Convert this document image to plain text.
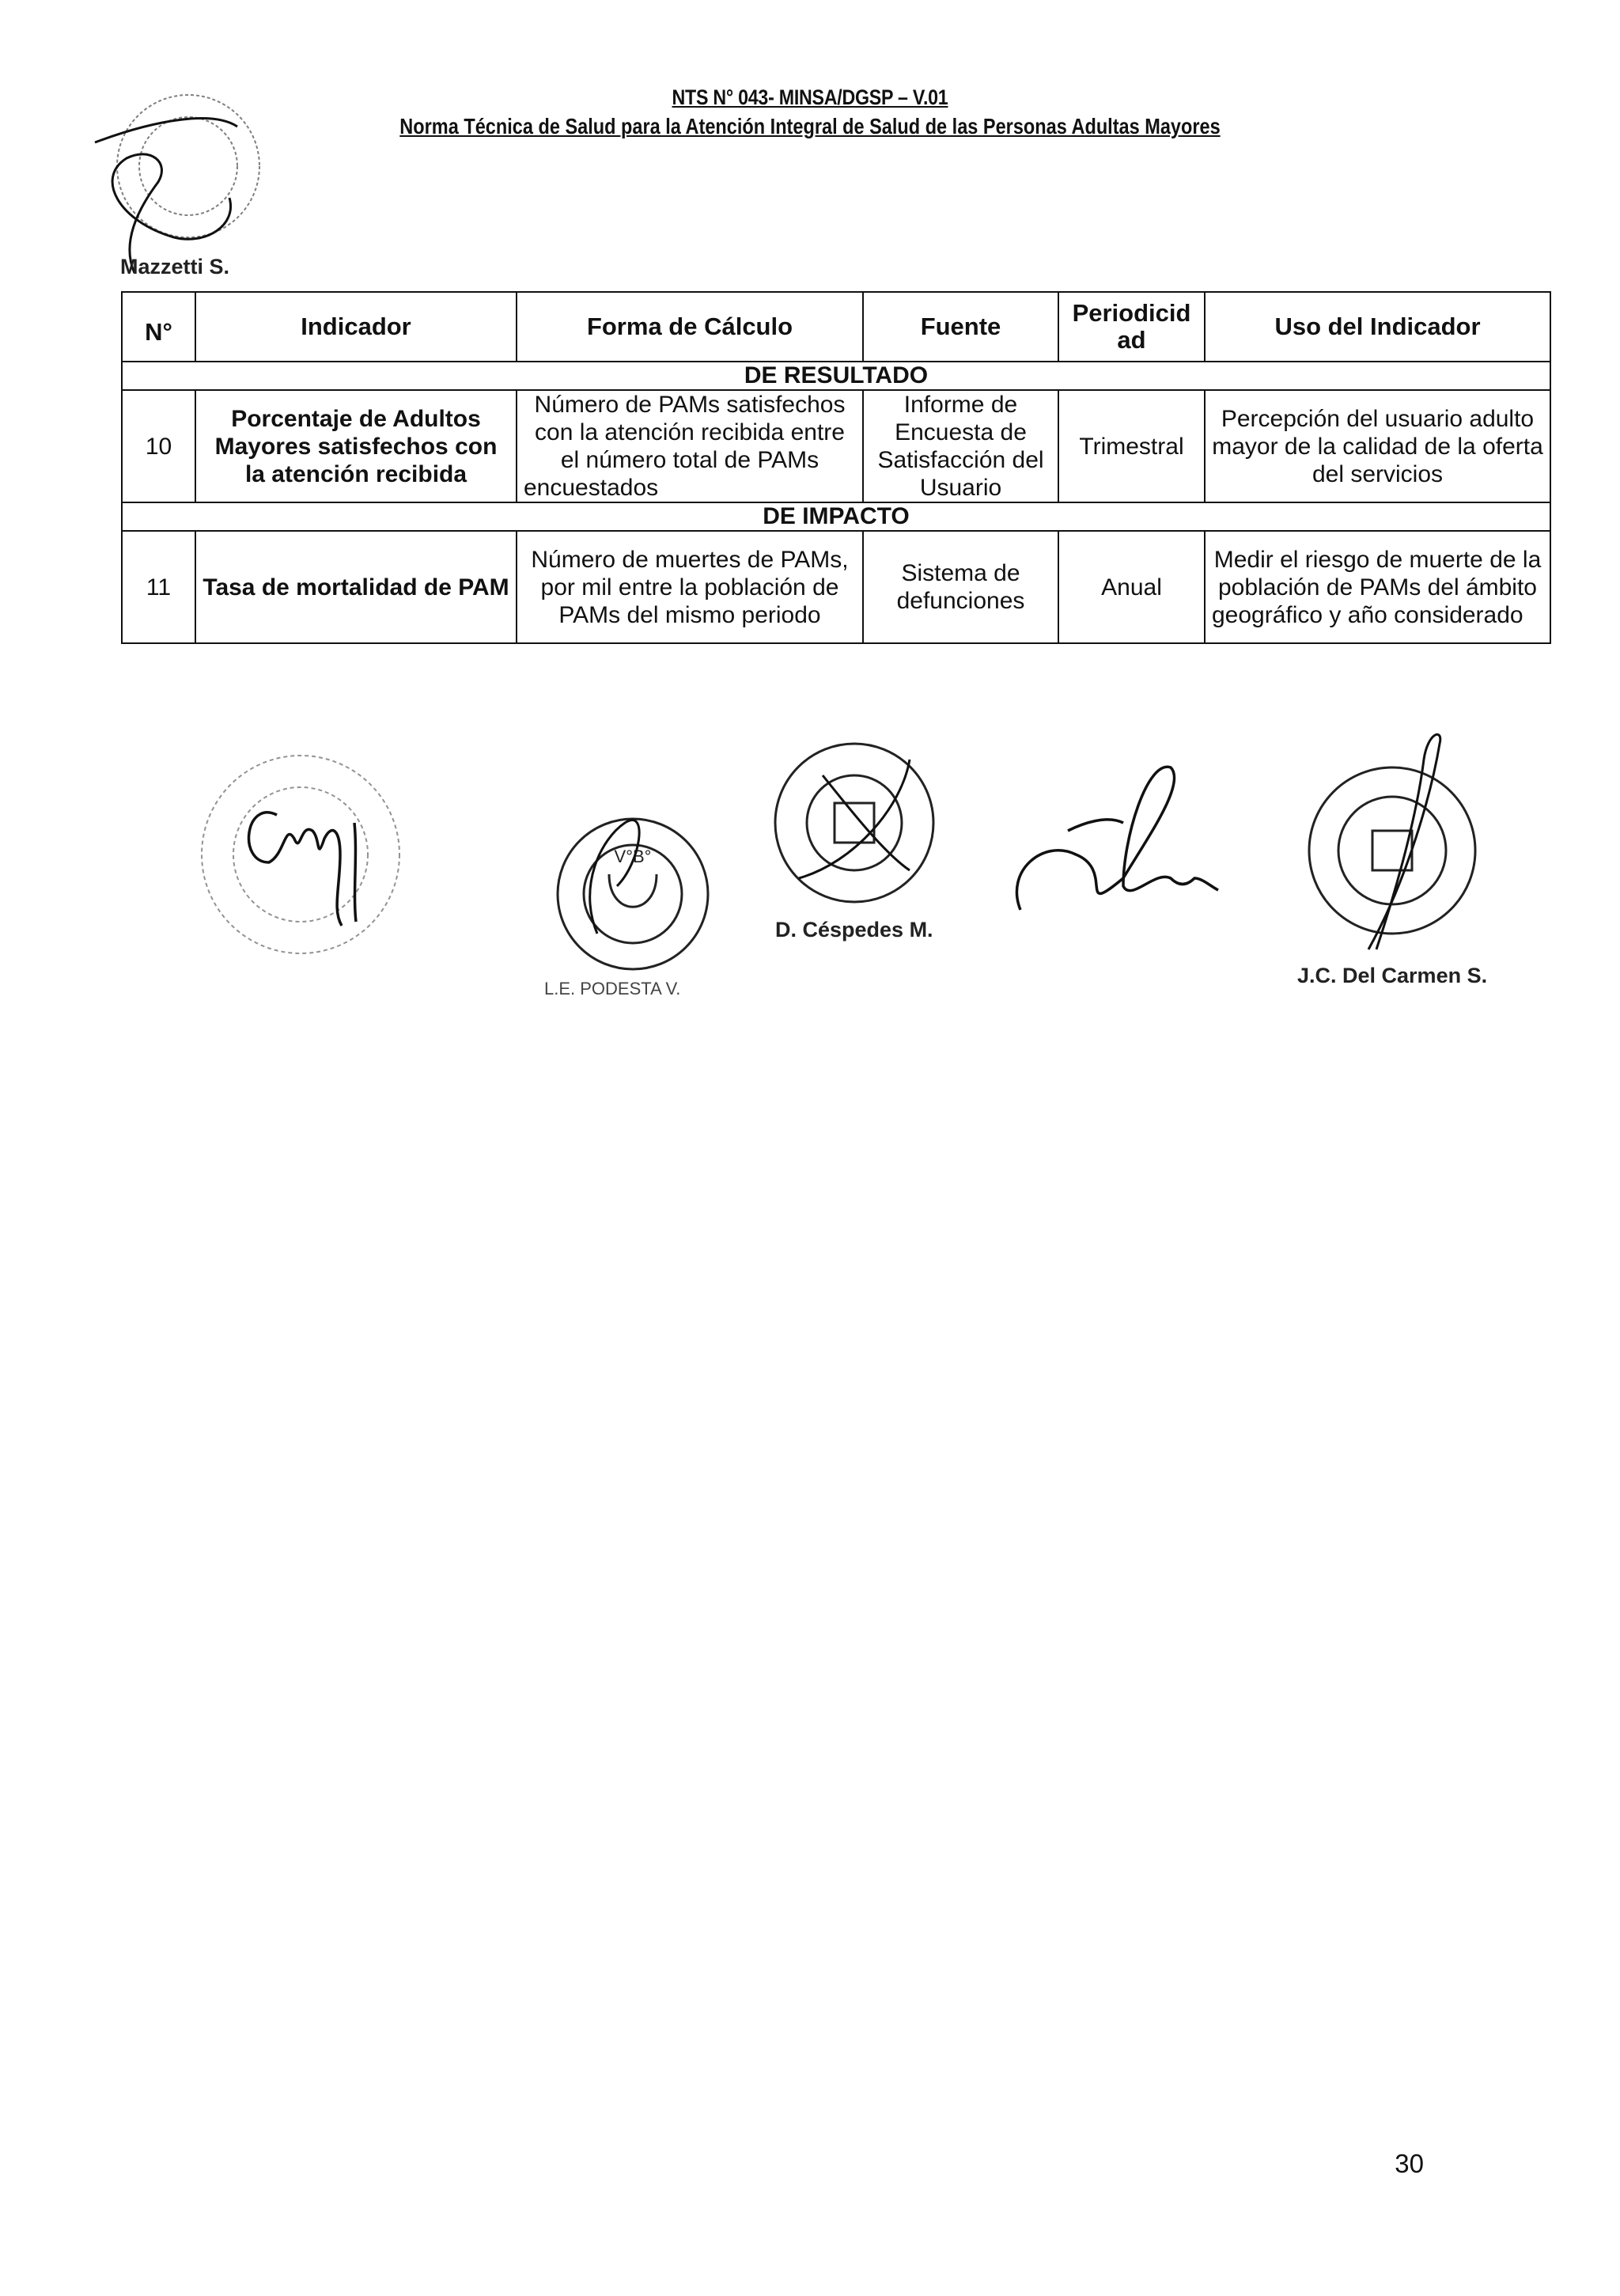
NTS N° 043- MINSA/DGSP – V.01
Norma Técnica de Salud para la Atención Integral de Salud de las Personas Adultas Mayores
V°B°
Mazzetti S.
D. Céspedes M.
J.C. Del Carmen S.
L.E. PODESTA V.
N°	Indicador	Forma de Cálculo	Fuente	Periodicidad	Uso del Indicador
DE RESULTADO					
10	Porcentaje de Adultos Mayores satisfechos con la atención recibida	Número de PAMs satisfechos con la atención recibida entre el número total de PAMs encuestados	Informe de Encuesta de Satisfacción del Usuario	Trimestral	Percepción del usuario adulto mayor de la calidad de la oferta del servicios
DE IMPACTO					
11	Tasa de mortalidad de PAM	Número de muertes de PAMs, por mil entre la población de PAMs del mismo periodo	Sistema de defunciones	Anual	Medir el riesgo de muerte de la población de PAMs del ámbito geográfico y año considerado
30
